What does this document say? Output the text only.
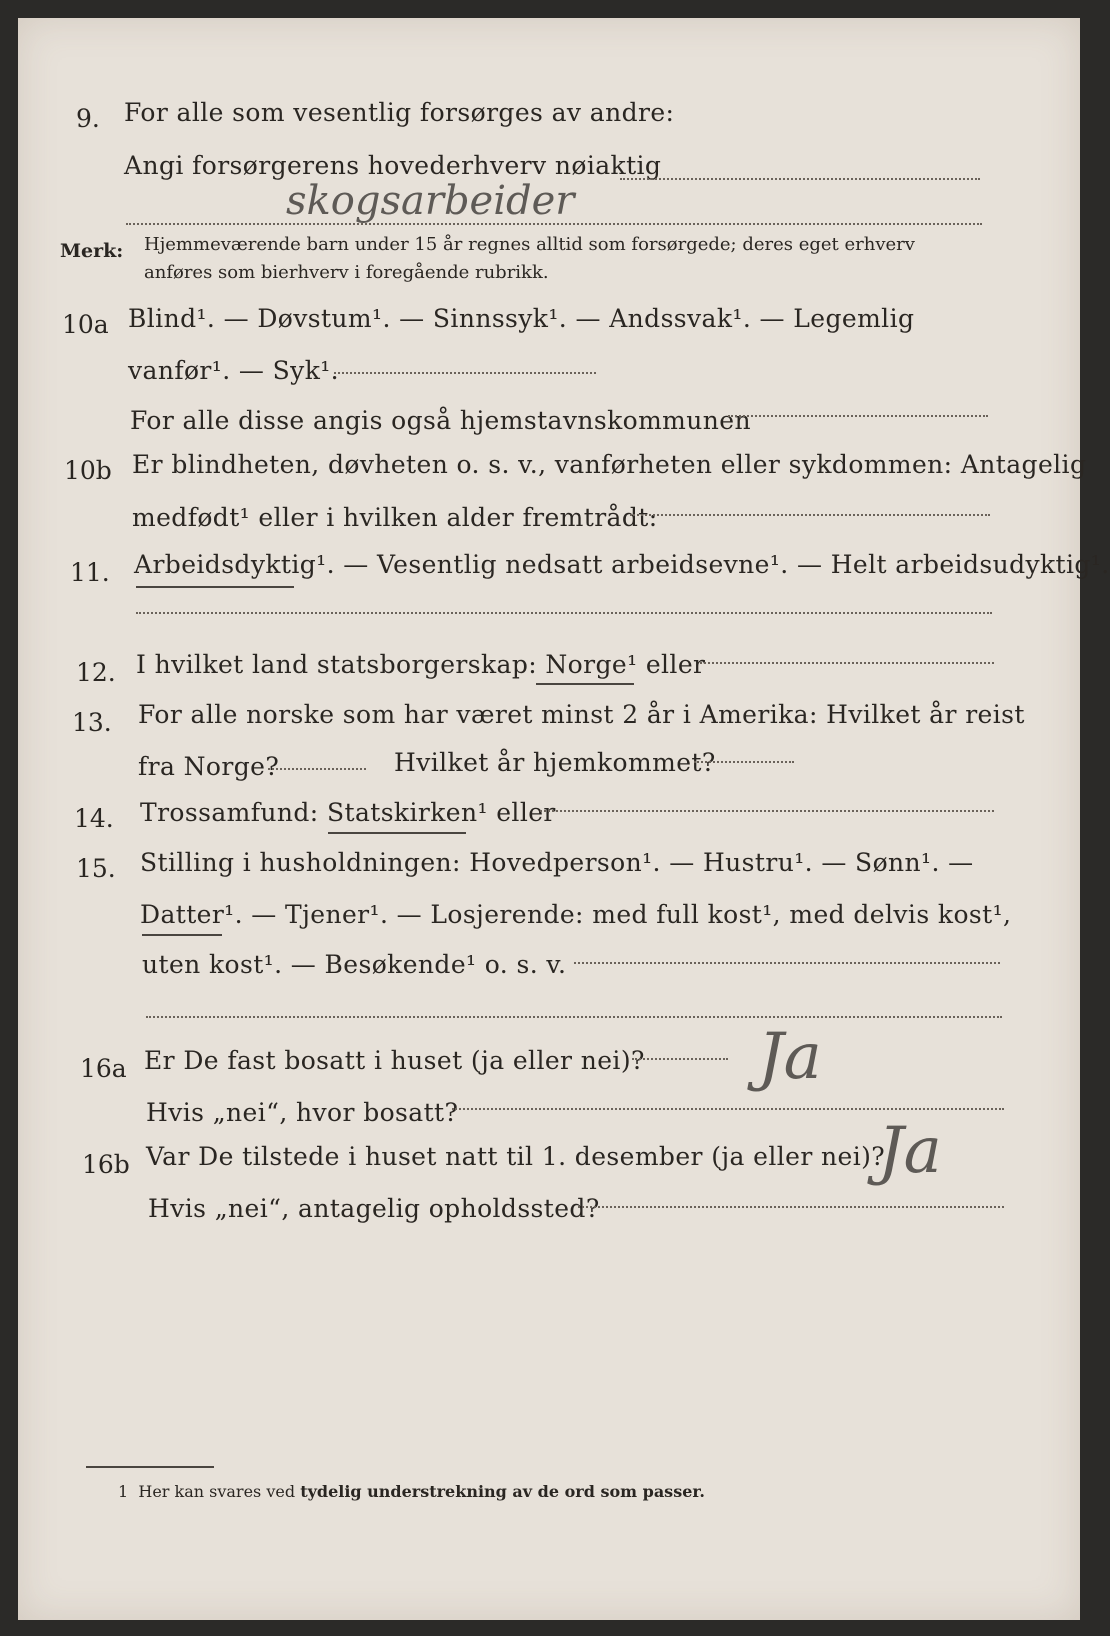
9. For alle som vesentlig forsørges av andre:
Angi forsørgerens hovederhverv nøiaktig
skogsarbeider
Merk: Hjemmeværende barn under 15 år regnes alltid som forsørgede; deres eget erhverv
anføres som bierhverv i foregående rubrikk.
10a Blind¹. — Døvstum¹. — Sinnssyk¹. — Andssvak¹. — Legemlig
vanfør¹. — Syk¹.
For alle disse angis også hjemstavnskommunen
10b Er blindheten, døvheten o. s. v., vanførheten eller sykdommen: Antagelig
medfødt¹ eller i hvilken alder fremtrådt:
11. Arbeidsdyktig¹. — Vesentlig nedsatt arbeidsevne¹. — Helt arbeidsudyktig¹.
12. I hvilket land statsborgerskap: Norge¹ eller
13. For alle norske som har været minst 2 år i Amerika: Hvilket år reist
fra Norge?	Hvilket år hjemkommet?
14. Trossamfund: Statskirken¹ eller
15. Stilling i husholdningen: Hovedperson¹. — Hustru¹. — Sønn¹. —
Datter¹. — Tjener¹. — Losjerende: med full kost¹, med delvis kost¹,
uten kost¹. — Besøkende¹ o. s. v.
16a Er De fast bosatt i huset (ja eller nei)? Ja
Hvis „nei“, hvor bosatt?
16b Var De tilstede i huset natt til 1. desember (ja eller nei)?
Ja
Hvis „nei“, antagelig opholdssted?
1 Her kan svares ved tydelig understrekning av de ord som passer.
